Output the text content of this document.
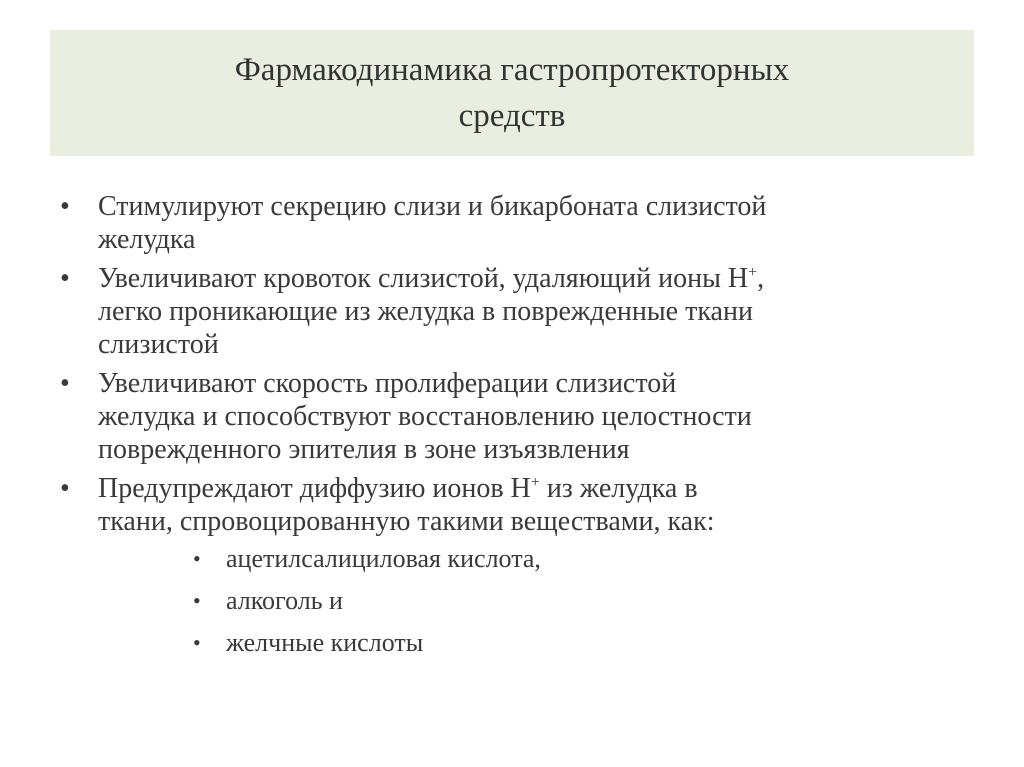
Фармакодинамика гастропротекторных
средств
•	Стимулируют секрецию слизи и бикарбоната слизистой
желудка
•	Увеличивают кровоток слизистой, удаляющий ионы H+,
легко проникающие из желудка в поврежденные ткани
слизистой
•	Увеличивают скорость пролиферации слизистой
желудка и способствуют восстановлению целостности
поврежденного эпителия в зоне изъязвления
•	Предупреждают диффузию ионов H+ из желудка в
ткани, спровоцированную такими веществами, как:
• ацетилсалициловая кислота,
• алкоголь и
• желчные кислоты
